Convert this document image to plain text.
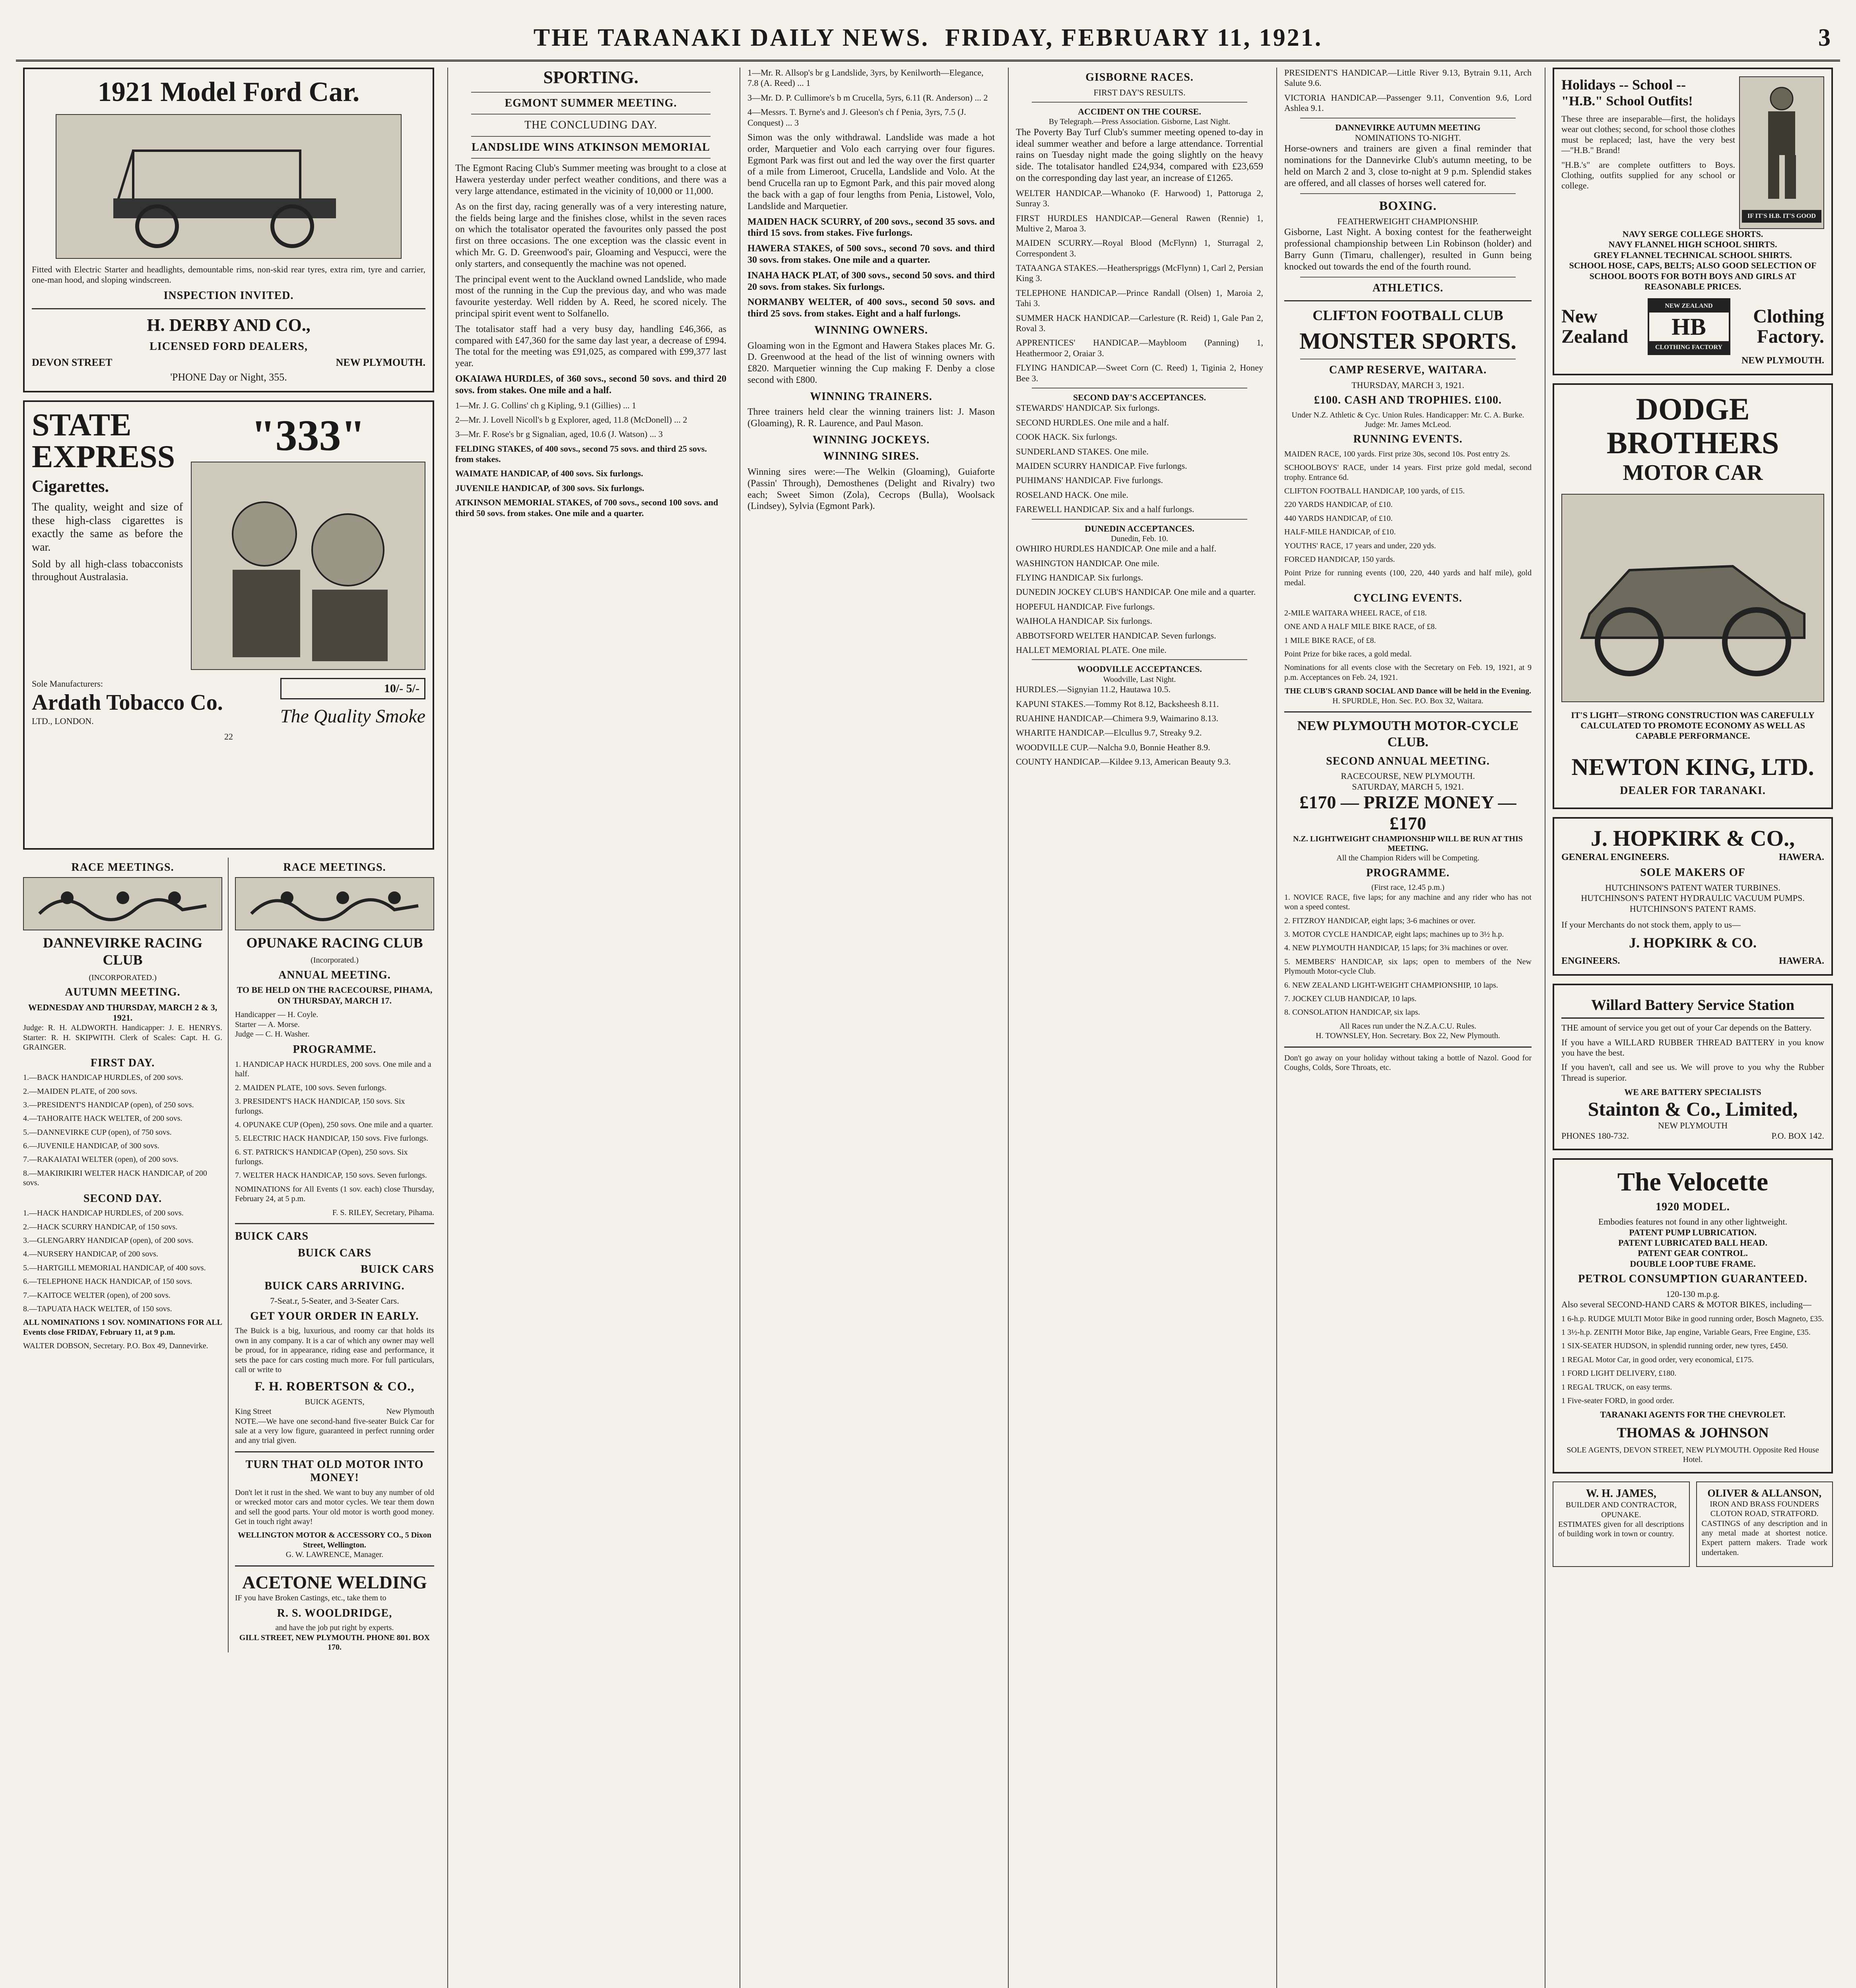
THE TARANAKI DAILY NEWS. FRIDAY, FEBRUARY 11, 1921.	3
1921 Model Ford Car.

Fitted with Electric Starter and headlights, demountable rims, non-skid rear tyres, extra rim, tyre and carrier, one-man hood, and sloping windscreen.

INSPECTION INVITED.
H. DERBY AND CO.,
LICENSED FORD DEALERS,
DEVON STREET	NEW PLYMOUTH.
'PHONE Day or Night, 355.
STATE EXPRESS
Cigarettes.

The quality, weight and size of these high-class cigarettes is exactly the same as before the war.

Sold by all high-class tobacconists throughout Australasia.

"333"
Sole Manufacturers:
Ardath Tobacco Co.
LTD., LONDON.
10/- 5/-
The Quality Smoke
22
RACE MEETINGS.
DANNEVIRKE RACING CLUB
(INCORPORATED.)
AUTUMN MEETING.
WEDNESDAY AND THURSDAY, MARCH 2 & 3, 1921.

Judge: R. H. ALDWORTH. Handicapper: J. E. HENRYS. Starter: R. H. SKIPWITH. Clerk of Scales: Capt. H. G. GRAINGER.

FIRST DAY.
1.—BACK HANDICAP HURDLES, of 200 sovs.
2.—MAIDEN PLATE, of 200 sovs.
3.—PRESIDENT'S HANDICAP (open), of 250 sovs.
4.—TAHORAITE HACK WELTER, of 200 sovs.
5.—DANNEVIRKE CUP (open), of 750 sovs.
6.—JUVENILE HANDICAP, of 300 sovs.
7.—RAKAIATAI WELTER (open), of 200 sovs.
8.—MAKIRIKIRI WELTER HACK HANDICAP, of 200 sovs.
SECOND DAY.
1.—HACK HANDICAP HURDLES, of 200 sovs.
2.—HACK SCURRY HANDICAP, of 150 sovs.
3.—GLENGARRY HANDICAP (open), of 200 sovs.
4.—NURSERY HANDICAP, of 200 sovs.
5.—HARTGILL MEMORIAL HANDICAP, of 400 sovs.
6.—TELEPHONE HACK HANDICAP, of 150 sovs.
7.—KAITOCE WELTER (open), of 200 sovs.
8.—TAPUATA HACK WELTER, of 150 sovs.

ALL NOMINATIONS 1 SOV. NOMINATIONS FOR ALL Events close FRIDAY, February 11, at 9 p.m.

WALTER DOBSON, Secretary. P.O. Box 49, Dannevirke.

RACE MEETINGS.
OPUNAKE RACING CLUB
(Incorporated.)
ANNUAL MEETING.
TO BE HELD ON THE RACECOURSE, PIHAMA, ON THURSDAY, MARCH 17.
Handicapper — H. Coyle.
Starter — A. Morse.
Judge — C. H. Washer.
PROGRAMME.
1. HANDICAP HACK HURDLES, 200 sovs. One mile and a half.
2. MAIDEN PLATE, 100 sovs. Seven furlongs.
3. PRESIDENT'S HACK HANDICAP, 150 sovs. Six furlongs.
4. OPUNAKE CUP (Open), 250 sovs. One mile and a quarter.
5. ELECTRIC HACK HANDICAP, 150 sovs. Five furlongs.
6. ST. PATRICK'S HANDICAP (Open), 250 sovs. Six furlongs.
7. WELTER HACK HANDICAP, 150 sovs. Seven furlongs.

NOMINATIONS for All Events (1 sov. each) close Thursday, February 24, at 5 p.m.

F. S. RILEY, Secretary, Pihama.

BUICK CARS
BUICK CARS
BUICK CARS
BUICK CARS ARRIVING.
7-Seat.r, 5-Seater, and 3-Seater Cars.
GET YOUR ORDER IN EARLY.

The Buick is a big, luxurious, and roomy car that holds its own in any company. It is a car of which any owner may well be proud, for in appearance, riding ease and performance, it sets the pace for cars costing much more. For full particulars, call or write to

F. H. ROBERTSON & CO.,
BUICK AGENTS,
King Street	New Plymouth

NOTE.—We have one second-hand five-seater Buick Car for sale at a very low figure, guaranteed in perfect running order and any trial given.

TURN THAT OLD MOTOR INTO MONEY!

Don't let it rust in the shed. We want to buy any number of old or wrecked motor cars and motor cycles. We tear them down and sell the good parts. Your old motor is worth good money. Get in touch right away!

WELLINGTON MOTOR & ACCESSORY CO., 5 Dixon Street, Wellington.
G. W. LAWRENCE, Manager.
ACETONE WELDING

IF you have Broken Castings, etc., take them to

R. S. WOOLDRIDGE,
and have the job put right by experts.
GILL STREET, NEW PLYMOUTH. PHONE 801. BOX 170.
SPORTING.
EGMONT SUMMER MEETING.
THE CONCLUDING DAY.
LANDSLIDE WINS ATKINSON MEMORIAL

The Egmont Racing Club's Summer meeting was brought to a close at Hawera yesterday under perfect weather conditions, and there was a very large attendance, estimated in the vicinity of 10,000 or 11,000.

As on the first day, racing generally was of a very interesting nature, the fields being large and the finishes close, whilst in the seven races on which the totalisator operated the favourites only passed the post first on three occasions. The one exception was the classic event in which Mr. G. D. Greenwood's pair, Gloaming and Vespucci, were the only starters, and consequently the machine was not opened.

The principal event went to the Auckland owned Landslide, who made most of the running in the Cup the previous day, and who was made favourite yesterday. Well ridden by A. Reed, he scored nicely. The principal spirit event went to Solfanello.

The totalisator staff had a very busy day, handling £46,366, as compared with £47,360 for the same day last year, a decrease of £994. The total for the meeting was £91,025, as compared with £99,377 last year.

OKAIAWA HURDLES, of 360 sovs., second 50 sovs. and third 20 sovs. from stakes. One mile and a half.

1—Mr. J. G. Collins' ch g Kipling, 9.1 (Gillies) ... 1
2—Mr. J. Lovell Nicoll's b g Explorer, aged, 11.8 (McDonell) ... 2
3—Mr. F. Rose's br g Signalian, aged, 10.6 (J. Watson) ... 3
FELDING STAKES, of 400 sovs., second 75 sovs. and third 25 sovs. from stakes.
WAIMATE HANDICAP, of 400 sovs. Six furlongs.
JUVENILE HANDICAP, of 300 sovs. Six furlongs.
ATKINSON MEMORIAL STAKES, of 700 sovs., second 100 sovs. and third 50 sovs. from stakes. One mile and a quarter.
1—Mr. R. Allsop's br g Landslide, 3yrs, by Kenilworth—Elegance, 7.8 (A. Reed) ... 1
3—Mr. D. P. Cullimore's b m Crucella, 5yrs, 6.11 (R. Anderson) ... 2
4—Messrs. T. Byrne's and J. Gleeson's ch f Penia, 3yrs, 7.5 (J. Conquest) ... 3

Simon was the only withdrawal. Landslide was made a hot order, Marquetier and Volo each carrying over four figures. Egmont Park was first out and led the way over the first quarter of a mile from Limeroot, Crucella, Landslide and Volo. At the bend Crucella ran up to Egmont Park, and this pair moved along the back with a gap of four lengths from Penia, Listowel, Volo, Landslide and Marquetier.

MAIDEN HACK SCURRY, of 200 sovs., second 35 sovs. and third 15 sovs. from stakes. Five furlongs.

HAWERA STAKES, of 500 sovs., second 70 sovs. and third 30 sovs. from stakes. One mile and a quarter.

INAHA HACK PLAT, of 300 sovs., second 50 sovs. and third 20 sovs. from stakes. Six furlongs.

NORMANBY WELTER, of 400 sovs., second 50 sovs. and third 25 sovs. from stakes. Eight and a half furlongs.

WINNING OWNERS.

Gloaming won in the Egmont and Hawera Stakes places Mr. G. D. Greenwood at the head of the list of winning owners with £820. Marquetier winning the Cup making F. Denby a close second with £800.

WINNING TRAINERS.

Three trainers held clear the winning trainers list: J. Mason (Gloaming), R. R. Laurence, and Paul Mason.

WINNING JOCKEYS.
WINNING SIRES.

Winning sires were:—The Welkin (Gloaming), Guiaforte (Passin' Through), Demosthenes (Delight and Rivalry) two each; Sweet Simon (Zola), Cecrops (Bulla), Woolsack (Lindsey), Sylvia (Egmont Park).

GISBORNE RACES.
FIRST DAY'S RESULTS.
ACCIDENT ON THE COURSE.
By Telegraph.—Press Association. Gisborne, Last Night.

The Poverty Bay Turf Club's summer meeting opened to-day in ideal summer weather and before a large attendance. Torrential rains on Tuesday night made the going slightly on the heavy side. The totalisator handled £24,934, compared with £23,659 on the corresponding day last year, an increase of £1265.

WELTER HANDICAP.—Whanoko (F. Harwood) 1, Pattoruga 2, Sunray 3.

FIRST HURDLES HANDICAP.—General Rawen (Rennie) 1, Multive 2, Maroa 3.

MAIDEN SCURRY.—Royal Blood (McFlynn) 1, Sturragal 2, Correspondent 3.

TATAANGA STAKES.—Heatherspriggs (McFlynn) 1, Carl 2, Persian King 3.

TELEPHONE HANDICAP.—Prince Randall (Olsen) 1, Maroia 2, Tahi 3.

SUMMER HACK HANDICAP.—Carlesture (R. Reid) 1, Gale Pan 2, Roval 3.

APPRENTICES' HANDICAP.—Maybloom (Panning) 1, Heathermoor 2, Oraiar 3.

FLYING HANDICAP.—Sweet Corn (C. Reed) 1, Tiginia 2, Honey Bee 3.

SECOND DAY'S ACCEPTANCES.

STEWARDS' HANDICAP. Six furlongs.

SECOND HURDLES. One mile and a half.

COOK HACK. Six furlongs.

SUNDERLAND STAKES. One mile.

MAIDEN SCURRY HANDICAP. Five furlongs.

PUHIMANS' HANDICAP. Five furlongs.

ROSELAND HACK. One mile.

FAREWELL HANDICAP. Six and a half furlongs.

DUNEDIN ACCEPTANCES.
Dunedin, Feb. 10.

OWHIRO HURDLES HANDICAP. One mile and a half.

WASHINGTON HANDICAP. One mile.

FLYING HANDICAP. Six furlongs.

DUNEDIN JOCKEY CLUB'S HANDICAP. One mile and a quarter.

HOPEFUL HANDICAP. Five furlongs.

WAIHOLA HANDICAP. Six furlongs.

ABBOTSFORD WELTER HANDICAP. Seven furlongs.

HALLET MEMORIAL PLATE. One mile.

WOODVILLE ACCEPTANCES.
Woodville, Last Night.

HURDLES.—Signyian 11.2, Hautawa 10.5.

KAPUNI STAKES.—Tommy Rot 8.12, Backsheesh 8.11.

RUAHINE HANDICAP.—Chimera 9.9, Waimarino 8.13.

WHARITE HANDICAP.—Elcullus 9.7, Streaky 9.2.

WOODVILLE CUP.—Nalcha 9.0, Bonnie Heather 8.9.

COUNTY HANDICAP.—Kildee 9.13, American Beauty 9.3.

PRESIDENT'S HANDICAP.—Little River 9.13, Bytrain 9.11, Arch Salute 9.6.

VICTORIA HANDICAP.—Passenger 9.11, Convention 9.6, Lord Ashlea 9.1.

DANNEVIRKE AUTUMN MEETING
NOMINATIONS TO-NIGHT.

Horse-owners and trainers are given a final reminder that nominations for the Dannevirke Club's autumn meeting, to be held on March 2 and 3, close to-night at 9 p.m. Splendid stakes are offered, and all classes of horses well catered for.

BOXING.
FEATHERWEIGHT CHAMPIONSHIP.

Gisborne, Last Night. A boxing contest for the featherweight professional championship between Lin Robinson (holder) and Barry Gunn (Timaru, challenger), resulted in Gunn being knocked out towards the end of the fourth round.

ATHLETICS.
CLIFTON FOOTBALL CLUB
MONSTER SPORTS.
CAMP RESERVE, WAITARA.
THURSDAY, MARCH 3, 1921.
£100. CASH AND TROPHIES. £100.
Under N.Z. Athletic & Cyc. Union Rules. Handicapper: Mr. C. A. Burke. Judge: Mr. James McLeod.
RUNNING EVENTS.

MAIDEN RACE, 100 yards. First prize 30s, second 10s. Post entry 2s.

SCHOOLBOYS' RACE, under 14 years. First prize gold medal, second trophy. Entrance 6d.

CLIFTON FOOTBALL HANDICAP, 100 yards, of £15.

220 YARDS HANDICAP, of £10.

440 YARDS HANDICAP, of £10.

HALF-MILE HANDICAP, of £10.

YOUTHS' RACE, 17 years and under, 220 yds.

FORCED HANDICAP, 150 yards.

Point Prize for running events (100, 220, 440 yards and half mile), gold medal.

CYCLING EVENTS.

2-MILE WAITARA WHEEL RACE, of £18.

ONE AND A HALF MILE BIKE RACE, of £8.

1 MILE BIKE RACE, of £8.

Point Prize for bike races, a gold medal.

Nominations for all events close with the Secretary on Feb. 19, 1921, at 9 p.m. Acceptances on Feb. 24, 1921.

THE CLUB'S GRAND SOCIAL AND Dance will be held in the Evening.
H. SPURDLE, Hon. Sec. P.O. Box 32, Waitara.
NEW PLYMOUTH MOTOR-CYCLE CLUB.
SECOND ANNUAL MEETING.
RACECOURSE, NEW PLYMOUTH.
SATURDAY, MARCH 5, 1921.
£170 — PRIZE MONEY — £170
N.Z. LIGHTWEIGHT CHAMPIONSHIP WILL BE RUN AT THIS MEETING.
All the Champion Riders will be Competing.
PROGRAMME.
(First race, 12.45 p.m.)

1. NOVICE RACE, five laps; for any machine and any rider who has not won a speed contest.

2. FITZROY HANDICAP, eight laps; 3-6 machines or over.

3. MOTOR CYCLE HANDICAP, eight laps; machines up to 3½ h.p.

4. NEW PLYMOUTH HANDICAP, 15 laps; for 3¾ machines or over.

5. MEMBERS' HANDICAP, six laps; open to members of the New Plymouth Motor-cycle Club.

6. NEW ZEALAND LIGHT-WEIGHT CHAMPIONSHIP, 10 laps.

7. JOCKEY CLUB HANDICAP, 10 laps.

8. CONSOLATION HANDICAP, six laps.

All Races run under the N.Z.A.C.U. Rules.
H. TOWNSLEY, Hon. Secretary. Box 22, New Plymouth.

Don't go away on your holiday without taking a bottle of Nazol. Good for Coughs, Colds, Sore Throats, etc.

Holidays -- School --
"H.B." School Outfits!

These three are inseparable—first, the holidays wear out clothes; second, for school those clothes must be replaced; last, have the very best —"H.B." Brand!

"H.B.'s" are complete outfitters to Boys. Clothing, outfits supplied for any school or college.

IF IT'S H.B. IT'S GOOD
NAVY SERGE COLLEGE SHORTS.
NAVY FLANNEL HIGH SCHOOL SHIRTS.
GREY FLANNEL TECHNICAL SCHOOL SHIRTS.
SCHOOL HOSE, CAPS, BELTS; ALSO GOOD SELECTION OF SCHOOL BOOTS FOR BOTH BOYS AND GIRLS AT REASONABLE PRICES.
New Zealand
NEW ZEALAND
HB
CLOTHING FACTORY
Clothing Factory.
NEW PLYMOUTH.
DODGE BROTHERS
MOTOR CAR
IT'S LIGHT—STRONG CONSTRUCTION WAS CAREFULLY CALCULATED TO PROMOTE ECONOMY AS WELL AS CAPABLE PERFORMANCE.
NEWTON KING, LTD.
DEALER FOR TARANAKI.
J. HOPKIRK & CO.,
GENERAL ENGINEERS.	HAWERA.
SOLE MAKERS OF
HUTCHINSON'S PATENT WATER TURBINES.
HUTCHINSON'S PATENT HYDRAULIC VACUUM PUMPS.
HUTCHINSON'S PATENT RAMS.

If your Merchants do not stock them, apply to us—

J. HOPKIRK & CO.
ENGINEERS.	HAWERA.
Willard Battery Service Station

THE amount of service you get out of your Car depends on the Battery.

If you have a WILLARD RUBBER THREAD BATTERY in you know you have the best.

If you haven't, call and see us. We will prove to you why the Rubber Thread is superior.

WE ARE BATTERY SPECIALISTS
Stainton & Co., Limited,
NEW PLYMOUTH
PHONES 180-732.	P.O. BOX 142.
The Velocette
1920 MODEL.
Embodies features not found in any other lightweight.
PATENT PUMP LUBRICATION.
PATENT LUBRICATED BALL HEAD.
PATENT GEAR CONTROL.
DOUBLE LOOP TUBE FRAME.
PETROL CONSUMPTION GUARANTEED.
120-130 m.p.g.

Also several SECOND-HAND CARS & MOTOR BIKES, including—

1 6-h.p. RUDGE MULTI Motor Bike in good running order, Bosch Magneto, £35.

1 3½-h.p. ZENITH Motor Bike, Jap engine, Variable Gears, Free Engine, £35.

1 SIX-SEATER HUDSON, in splendid running order, new tyres, £450.

1 REGAL Motor Car, in good order, very economical, £175.

1 FORD LIGHT DELIVERY, £180.

1 REGAL TRUCK, on easy terms.

1 Five-seater FORD, in good order.

TARANAKI AGENTS FOR THE CHEVROLET.
THOMAS & JOHNSON
SOLE AGENTS, DEVON STREET, NEW PLYMOUTH. Opposite Red House Hotel.
W. H. JAMES,
BUILDER AND CONTRACTOR,
OPUNAKE.

ESTIMATES given for all descriptions of building work in town or country.

OLIVER & ALLANSON,
IRON AND BRASS FOUNDERS
CLOTON ROAD, STRATFORD.

CASTINGS of any description and in any metal made at shortest notice. Expert pattern makers. Trade work undertaken.
